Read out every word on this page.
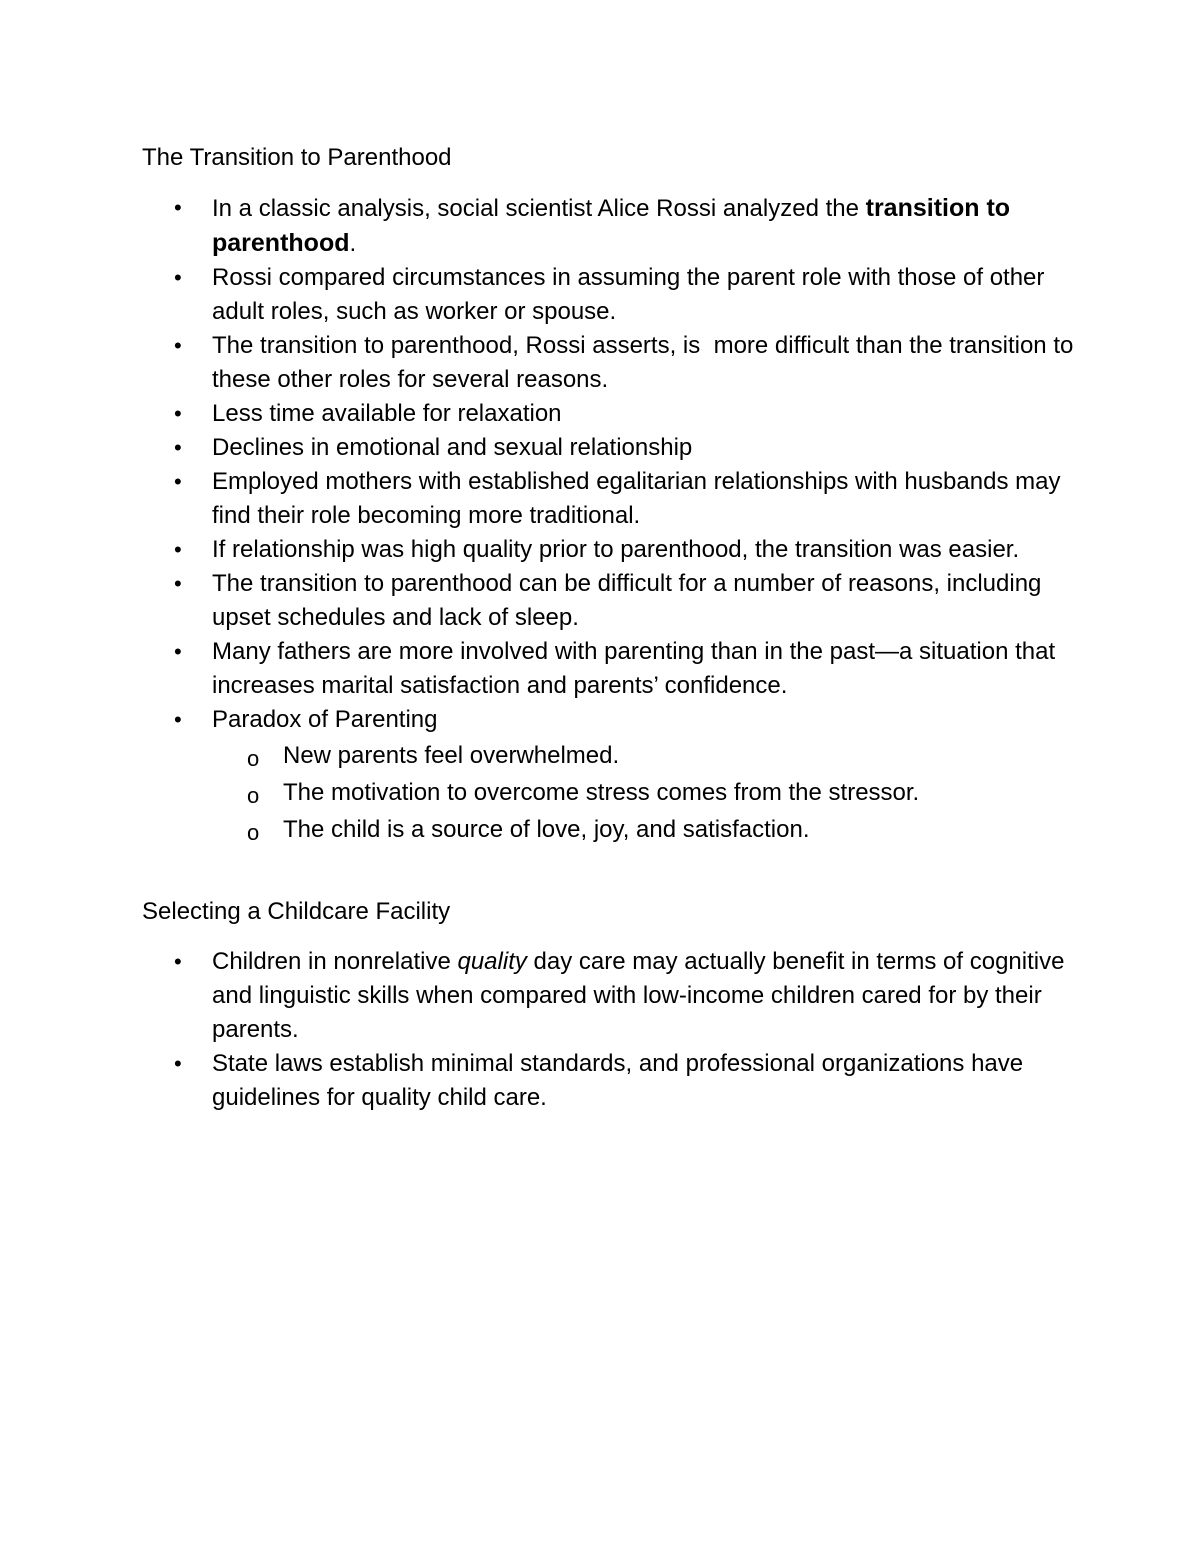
The Transition to Parenthood
• In a classic analysis, social scientist Alice Rossi analyzed the transition to parenthood.
• Rossi compared circumstances in assuming the parent role with those of other adult roles, such as worker or spouse.
• The transition to parenthood, Rossi asserts, is  more difficult than the transition to these other roles for several reasons.
• Less time available for relaxation
• Declines in emotional and sexual relationship
• Employed mothers with established egalitarian relationships with husbands may find their role becoming more traditional.
• If relationship was high quality prior to parenthood, the transition was easier.
• The transition to parenthood can be difficult for a number of reasons, including upset schedules and lack of sleep.
• Many fathers are more involved with parenting than in the past—a situation that increases marital satisfaction and parents’ confidence.
• Paradox of Parenting
o New parents feel overwhelmed.
o The motivation to overcome stress comes from the stressor.
o The child is a source of love, joy, and satisfaction.
Selecting a Childcare Facility
• Children in nonrelative quality day care may actually benefit in terms of cognitive and linguistic skills when compared with low-income children cared for by their parents.
• State laws establish minimal standards, and professional organizations have guidelines for quality child care.
